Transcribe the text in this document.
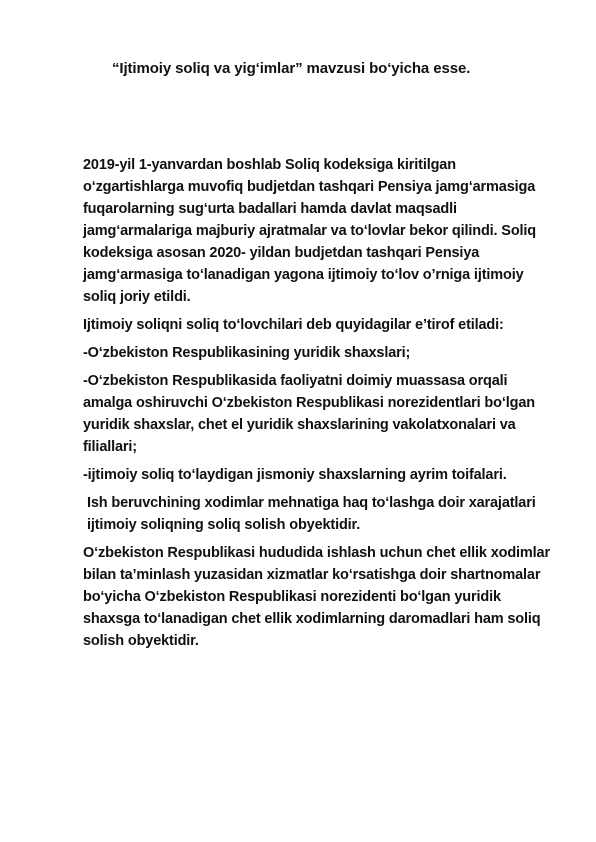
“Ijtimoiy soliq va yig‘imlar” mavzusi bo‘yicha esse.

2019-yil 1-yanvardan boshlab Soliq kodeksiga kiritilgan o‘zgartishlarga muvofiq budjetdan tashqari Pensiya jamg‘armasiga fuqarolarning sug‘urta badallari hamda davlat maqsadli jamg‘armalariga majburiy ajratmalar va to‘lovlar bekor qilindi. Soliq kodeksiga asosan 2020- yildan budjetdan tashqari Pensiya jamg‘armasiga to‘lanadigan yagona ijtimoiy to‘lov o’rniga ijtimoiy soliq joriy etildi.

Ijtimoiy soliqni soliq to‘lovchilari deb quyidagilar e’tirof etiladi:

-O‘zbekiston Respublikasining yuridik shaxslari;

-O‘zbekiston Respublikasida faoliyatni doimiy muassasa orqali amalga oshiruvchi O‘zbekiston Respublikasi norezidentlari bo‘lgan yuridik shaxslar, chet el yuridik shaxslarining vakolatxonalari va filiallari;

-ijtimoiy soliq to‘laydigan jismoniy shaxslarning ayrim toifalari.

Ish beruvchining xodimlar mehnatiga haq to‘lashga doir xarajatlari ijtimoiy soliqning soliq solish obyektidir.

O‘zbekiston Respublikasi hududida ishlash uchun chet ellik xodimlar bilan ta’minlash yuzasidan xizmatlar ko‘rsatishga doir shartnomalar bo‘yicha O‘zbekiston Respublikasi norezidenti bo‘lgan yuridik shaxsga to‘lanadigan chet ellik xodimlarning daromadlari ham soliq solish obyektidir.
